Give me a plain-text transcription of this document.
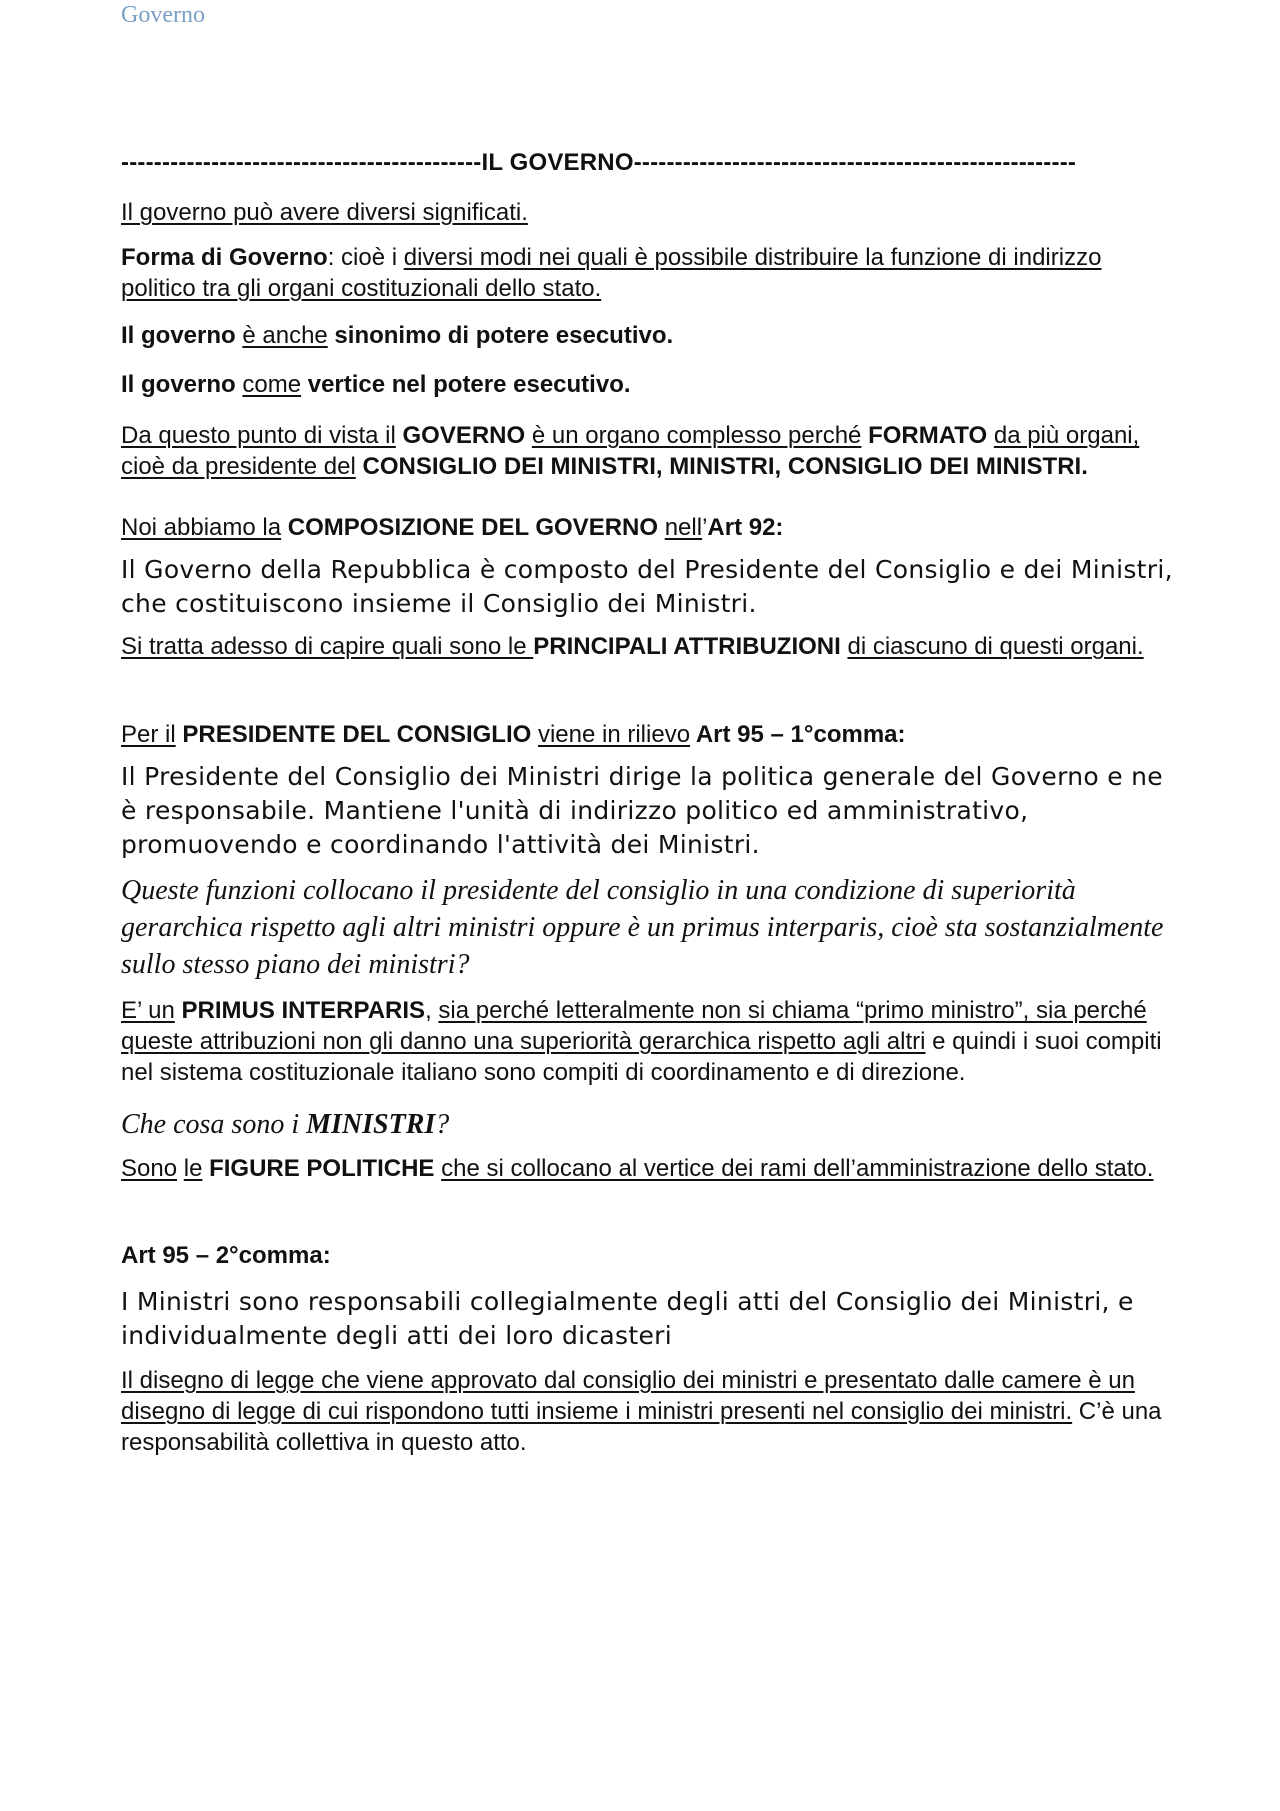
Governo

--------------------------------------------IL GOVERNO------------------------------------------------------

Il governo può avere diversi significati.

Forma di Governo: cioè i diversi modi nei quali è possibile distribuire la funzione di indirizzo politico tra gli organi costituzionali dello stato.

Il governo è anche sinonimo di potere esecutivo.

Il governo come vertice nel potere esecutivo.

Da questo punto di vista il GOVERNO è un organo complesso perché FORMATO da più organi, cioè da presidente del CONSIGLIO DEI MINISTRI, MINISTRI, CONSIGLIO DEI MINISTRI.

Noi abbiamo la COMPOSIZIONE DEL GOVERNO nell’Art 92:

Il Governo della Repubblica è composto del Presidente del Consiglio e dei Ministri, che costituiscono insieme il Consiglio dei Ministri.

Si tratta adesso di capire quali sono le PRINCIPALI ATTRIBUZIONI di ciascuno di questi organi.

Per il PRESIDENTE DEL CONSIGLIO viene in rilievo Art 95 – 1°comma:

Il Presidente del Consiglio dei Ministri dirige la politica generale del Governo e ne è responsabile. Mantiene l'unità di indirizzo politico ed amministrativo, promuovendo e coordinando l'attività dei Ministri.

Queste funzioni collocano il presidente del consiglio in una condizione di superiorità gerarchica rispetto agli altri ministri oppure è un primus interparis, cioè sta sostanzialmente sullo stesso piano dei ministri?

E’ un PRIMUS INTERPARIS, sia perché letteralmente non si chiama “primo ministro”, sia perché queste attribuzioni non gli danno una superiorità gerarchica rispetto agli altri e quindi i suoi compiti nel sistema costituzionale italiano sono compiti di coordinamento e di direzione.

Che cosa sono i MINISTRI?

Sono le FIGURE POLITICHE che si collocano al vertice dei rami dell’amministrazione dello stato.

Art 95 – 2°comma:

I Ministri sono responsabili collegialmente degli atti del Consiglio dei Ministri, e individualmente degli atti dei loro dicasteri

Il disegno di legge che viene approvato dal consiglio dei ministri e presentato dalle camere è un disegno di legge di cui rispondono tutti insieme i ministri presenti nel consiglio dei ministri. C’è una responsabilità collettiva in questo atto.
